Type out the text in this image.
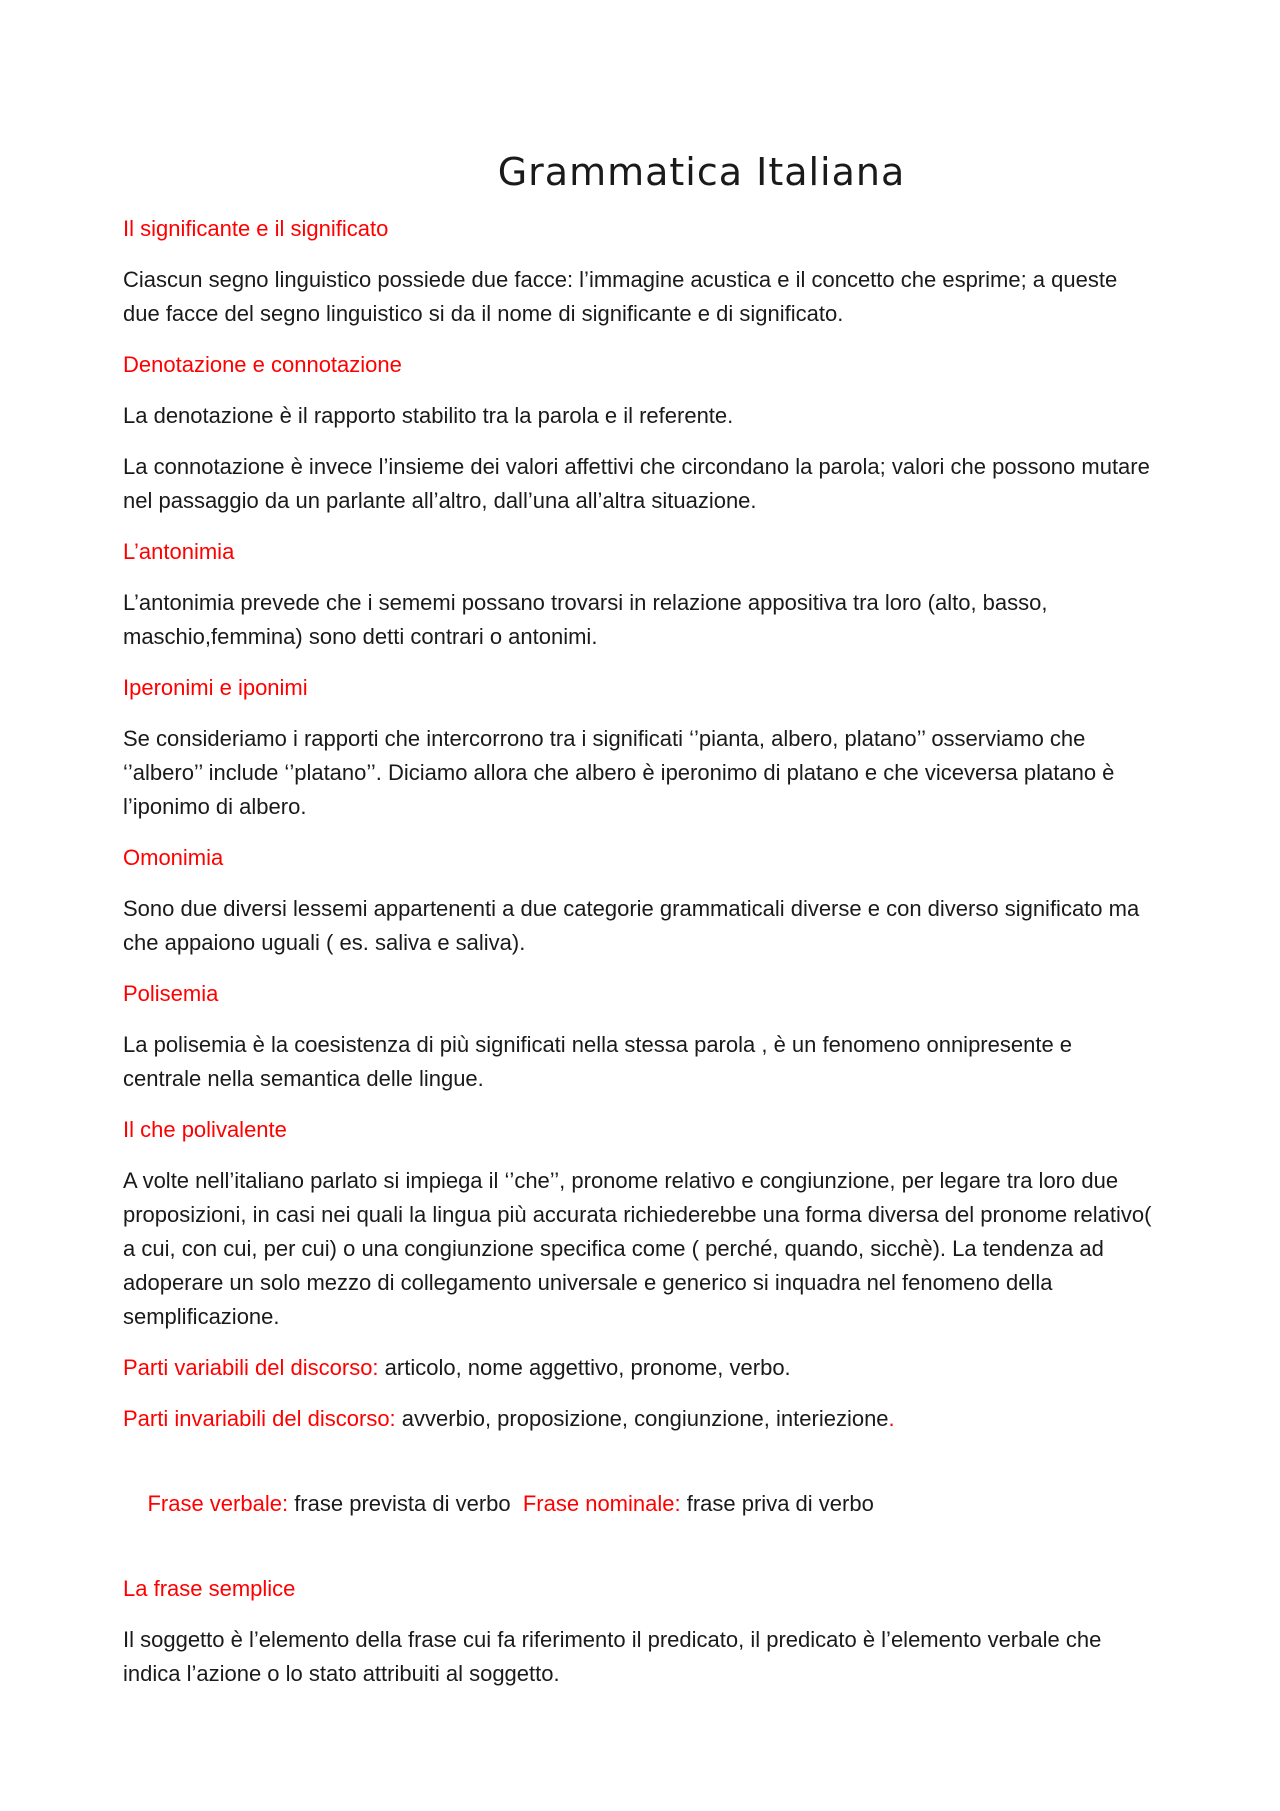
Grammatica Italiana
Il significante e il significato
Ciascun segno linguistico possiede due facce: l’immagine acustica e il concetto che esprime; a queste due facce del segno linguistico si da il nome di significante e di significato.
Denotazione e connotazione
La denotazione è il rapporto stabilito tra la parola e il referente.
La connotazione è invece l’insieme dei valori affettivi che circondano la parola; valori che possono mutare nel passaggio da un parlante all’altro, dall’una all’altra situazione.
L’antonimia
L’antonimia prevede che i sememi possano trovarsi in relazione appositiva tra loro (alto, basso, maschio,femmina) sono detti contrari o antonimi.
Iperonimi e iponimi
Se consideriamo i rapporti che intercorrono tra i significati ‘’pianta, albero, platano’’ osserviamo che ‘’albero’’ include ‘’platano’’. Diciamo allora che albero è iperonimo di platano e che viceversa platano è l’iponimo di albero.
Omonimia
Sono due diversi lessemi appartenenti a due categorie grammaticali diverse e con diverso significato ma che appaiono uguali ( es. saliva e saliva).
Polisemia
La polisemia è la coesistenza di più significati nella stessa parola , è un fenomeno onnipresente e centrale nella semantica delle lingue.
Il che polivalente
A volte nell’italiano parlato si impiega il ‘’che’’, pronome relativo e congiunzione, per legare tra loro due proposizioni, in casi nei quali la lingua più accurata richiederebbe una forma diversa del pronome relativo( a cui, con cui, per cui) o una congiunzione specifica come ( perché, quando, sicchè). La tendenza ad adoperare un solo mezzo di collegamento universale e generico si inquadra nel fenomeno della semplificazione.
Parti variabili del discorso: articolo, nome aggettivo, pronome, verbo.
Parti invariabili del discorso: avverbio, proposizione, congiunzione, interiezione.

Frase verbale: frase prevista di verbo  Frase nominale: frase priva di verbo

La frase semplice
Il soggetto è l’elemento della frase cui fa riferimento il predicato, il predicato è l’elemento verbale che indica l’azione o lo stato attribuiti al soggetto.
